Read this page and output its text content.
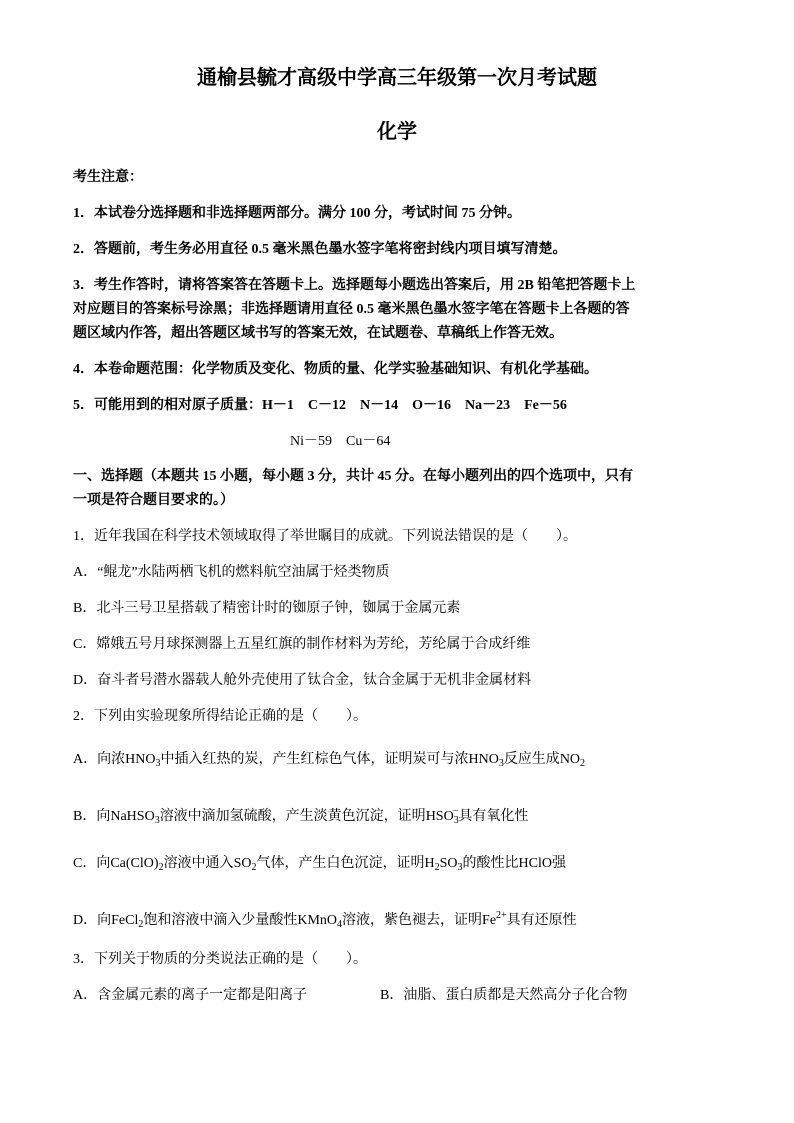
通榆县毓才高级中学高三年级第一次月考试题
化学
考生注意：
1．本试卷分选择题和非选择题两部分。满分 100 分，考试时间 75 分钟。
2．答题前，考生务必用直径 0.5 毫米黑色墨水签字笔将密封线内项目填写清楚。
3．考生作答时，请将答案答在答题卡上。选择题每小题选出答案后，用 2B 铅笔把答题卡上
对应题目的答案标号涂黑；非选择题请用直径 0.5 毫米黑色墨水签字笔在答题卡上各题的答
题区域内作答，超出答题区域书写的答案无效，在试题卷、草稿纸上作答无效。
4．本卷命题范围：化学物质及变化、物质的量、化学实验基础知识、有机化学基础。
5．可能用到的相对原子质量：H－1　C－12　N－14　O－16　Na－23　Fe－56
Ni－59　Cu－64
一、选择题（本题共 15 小题，每小题 3 分，共计 45 分。在每小题列出的四个选项中，只有
一项是符合题目要求的。）
1．近年我国在科学技术领域取得了举世瞩目的成就。下列说法错误的是（　　）。
A．“鲲龙”水陆两栖飞机的燃料航空油属于烃类物质
B．北斗三号卫星搭载了精密计时的铷原子钟，铷属于金属元素
C．嫦娥五号月球探测器上五星红旗的制作材料为芳纶，芳纶属于合成纤维
D．奋斗者号潜水器载人舱外壳使用了钛合金，钛合金属于无机非金属材料
2．下列由实验现象所得结论正确的是（　　）。
A．向浓$HNO_3$中插入红热的炭，产生红棕色气体，证明炭可与浓$HNO_3$反应生成$NO_2$
B．向NaHSO$_3$溶液中滴加氢硫酸，产生淡黄色沉淀，证明$HSO_3^-$具有氧化性
C．向$Ca(ClO)_2$溶液中通入$SO_2$气体，产生白色沉淀，证明$H_2SO_3$的酸性比HClO强
D．向FeCl$_2$饱和溶液中滴入少量酸性KMnO$_4$溶液，紫色褪去，证明$Fe^{2+}$具有还原性
3．下列关于物质的分类说法正确的是（　　）。
A．含金属元素的离子一定都是阳离子	B．油脂、蛋白质都是天然高分子化合物
